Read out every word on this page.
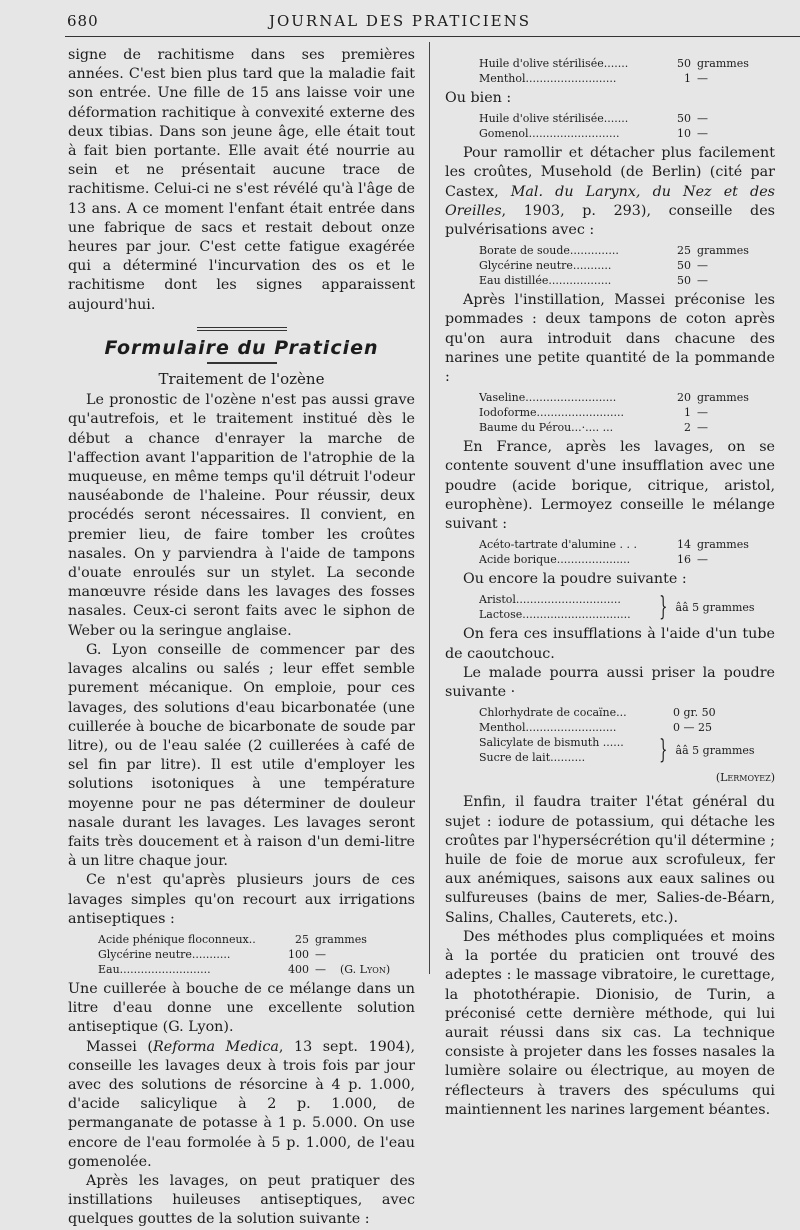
680	JOURNAL DES PRATICIENS

signe de rachitisme dans ses premières années. C'est bien plus tard que la maladie fait son entrée. Une fille de 15 ans laisse voir une déformation rachitique à convexité externe des deux tibias. Dans son jeune âge, elle était tout à fait bien portante. Elle avait été nourrie au sein et ne présentait aucune trace de rachitisme. Celui-ci ne s'est révélé qu'à l'âge de 13 ans. A ce moment l'enfant était entrée dans une fabrique de sacs et restait debout onze heures par jour. C'est cette fatigue exagérée qui a déterminé l'incurvation des os et le rachitisme dont les signes apparaissent aujourd'hui.

Formulaire du Praticien
Traitement de l'ozène

Le pronostic de l'ozène n'est pas aussi grave qu'autrefois, et le traitement institué dès le début a chance d'enrayer la marche de l'affection avant l'apparition de l'atrophie de la muqueuse, en même temps qu'il détruit l'odeur nauséabonde de l'haleine. Pour réussir, deux procédés seront nécessaires. Il convient, en premier lieu, de faire tomber les croûtes nasales. On y parviendra à l'aide de tampons d'ouate enroulés sur un stylet. La seconde manœuvre réside dans les lavages des fosses nasales. Ceux-ci seront faits avec le siphon de Weber ou la seringue anglaise.

G. Lyon conseille de commencer par des lavages alcalins ou salés ; leur effet semble purement mécanique. On emploie, pour ces lavages, des solutions d'eau bicarbonatée (une cuillerée à bouche de bicarbonate de soude par litre), ou de l'eau salée (2 cuillerées à café de sel fin par litre). Il est utile d'employer les solutions isotoniques à une température moyenne pour ne pas déterminer de douleur nasale durant les lavages. Les lavages seront faits très doucement et à raison d'un demi-litre à un litre chaque jour.

Ce n'est qu'après plusieurs jours de ces lavages simples qu'on recourt aux irrigations antiseptiques :

Acide phénique floconneux..	25 grammes
Glycérine neutre...........	100 —
Eau..........................	400 — (G. Lyon)

Une cuillerée à bouche de ce mélange dans un litre d'eau donne une excellente solution antiseptique (G. Lyon).

Massei (Reforma Medica, 13 sept. 1904), conseille les lavages deux à trois fois par jour avec des solutions de résorcine à 4 p. 1.000, d'acide salicylique à 2 p. 1.000, de permanganate de potasse à 1 p. 5.000. On use encore de l'eau formolée à 5 p. 1.000, de l'eau gomenolée.

Après les lavages, on peut pratiquer des instillations huileuses antiseptiques, avec quelques gouttes de la solution suivante :

Huile d'olive stérilisée.......	50 grammes
Menthol..........................	1 —

Ou bien :

Huile d'olive stérilisée.......	50 —
Gomenol..........................	10 —

Pour ramollir et détacher plus facilement les croûtes, Musehold (de Berlin) (cité par Castex, Mal. du Larynx, du Nez et des Oreilles, 1903, p. 293), conseille des pulvérisations avec :

Borate de soude..............	25 grammes
Glycérine neutre...........	50 —
Eau distillée..................	50 —

Après l'instillation, Massei préconise les pommades : deux tampons de coton après qu'on aura introduit dans chacune des narines une petite quantité de la pommande :

Vaseline..........................	20 grammes
Iodoforme.........................	1 —
Baume du Pérou...·.... ...	2 —

En France, après les lavages, on se contente souvent d'une insufflation avec une poudre (acide borique, citrique, aristol, europhène). Lermoyez conseille le mélange suivant :

Acéto-tartrate d'alumine . . .	14 grammes
Acide borique.....................	16 —

Ou encore la poudre suivante :

Aristol..............................
Lactose...............................	} ââ 5 grammes

On fera ces insufflations à l'aide d'un tube de caoutchouc.

Le malade pourra aussi priser la poudre suivante ·

Chlorhydrate de cocaïne...	0 gr. 50
Menthol..........................	0 — 25
Salicylate de bismuth ......
Sucre de lait..........	} ââ 5 grammes
(Lermoyez)

Enfin, il faudra traiter l'état général du sujet : iodure de potassium, qui détache les croûtes par l'hypersécrétion qu'il détermine ; huile de foie de morue aux scrofuleux, fer aux anémiques, saisons aux eaux salines ou sulfureuses (bains de mer, Salies-de-Béarn, Salins, Challes, Cauterets, etc.).

Des méthodes plus compliquées et moins à la portée du praticien ont trouvé des adeptes : le massage vibratoire, le curettage, la photothérapie. Dionisio, de Turin, a préconisé cette dernière méthode, qui lui aurait réussi dans six cas. La technique consiste à projeter dans les fosses nasales la lumière solaire ou électrique, au moyen de réflecteurs à travers des spéculums qui maintiennent les narines largement béantes.
